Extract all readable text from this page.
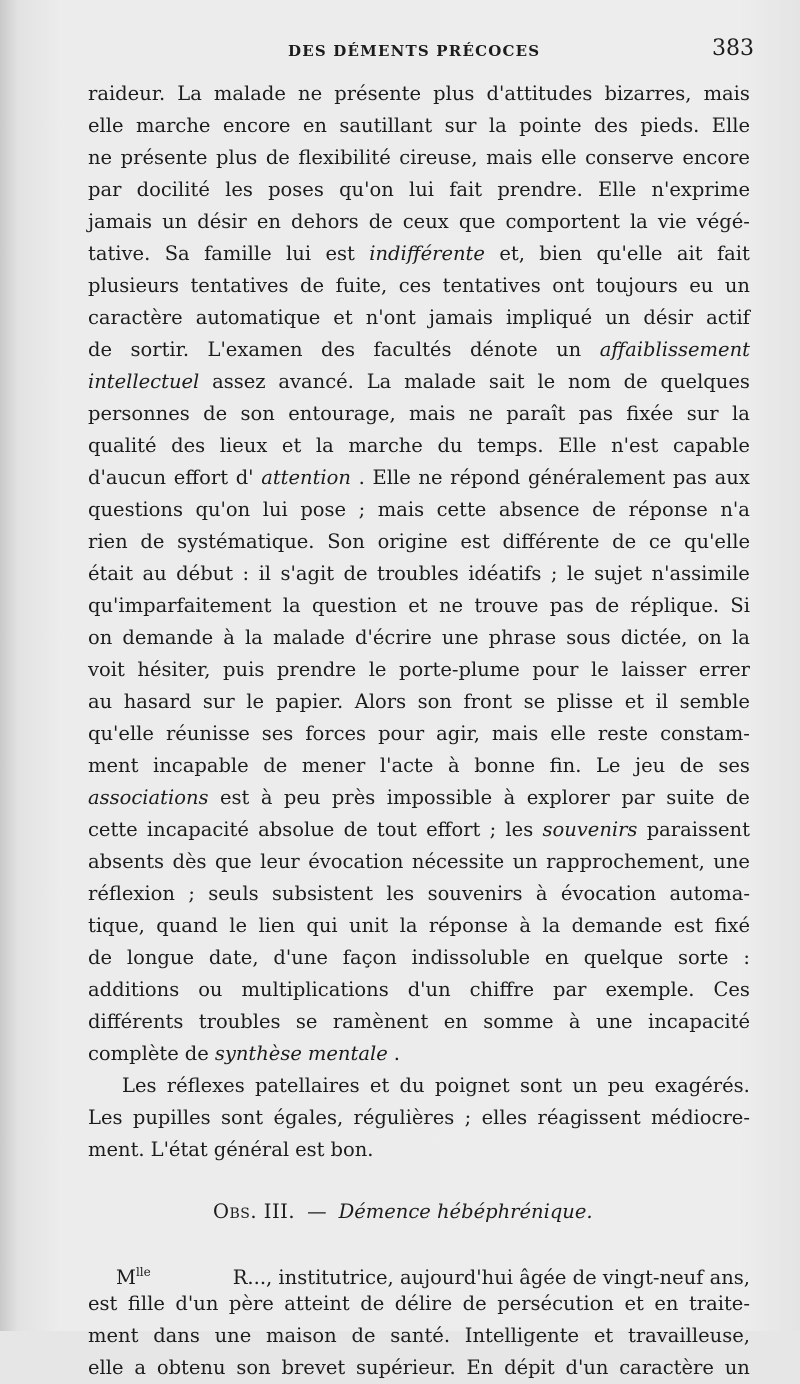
DES DÉMENTS PRÉCOCES	383
raideur. La malade ne présente plus d'attitudes bizarres, mais
elle marche encore en sautillant sur la pointe des pieds. Elle
ne présente plus de flexibilité cireuse, mais elle conserve encore
par docilité les poses qu'on lui fait prendre. Elle n'exprime
jamais un désir en dehors de ceux que comportent la vie végé-
tative. Sa famille lui est indifférente et, bien qu'elle ait fait
plusieurs tentatives de fuite, ces tentatives ont toujours eu un
caractère automatique et n'ont jamais impliqué un désir actif
de sortir. L'examen des facultés dénote un affaiblissement
intellectuel assez avancé. La malade sait le nom de quelques
personnes de son entourage, mais ne paraît pas fixée sur la
qualité des lieux et la marche du temps. Elle n'est capable
d'aucun effort d' attention . Elle ne répond généralement pas aux
questions qu'on lui pose ; mais cette absence de réponse n'a
rien de systématique. Son origine est différente de ce qu'elle
était au début : il s'agit de troubles idéatifs ; le sujet n'assimile
qu'imparfaitement la question et ne trouve pas de réplique. Si
on demande à la malade d'écrire une phrase sous dictée, on la
voit hésiter, puis prendre le porte-plume pour le laisser errer
au hasard sur le papier. Alors son front se plisse et il semble
qu'elle réunisse ses forces pour agir, mais elle reste constam-
ment incapable de mener l'acte à bonne fin. Le jeu de ses
associations est à peu près impossible à explorer par suite de
cette incapacité absolue de tout effort ; les souvenirs paraissent
absents dès que leur évocation nécessite un rapprochement, une
réflexion ; seuls subsistent les souvenirs à évocation automa-
tique, quand le lien qui unit la réponse à la demande est fixé
de longue date, d'une façon indissoluble en quelque sorte :
additions ou multiplications d'un chiffre par exemple. Ces
différents troubles se ramènent en somme à une incapacité
complète de synthèse mentale .
Les réflexes patellaires et du poignet sont un peu exagérés.
Les pupilles sont égales, régulières ; elles réagissent médiocre-
ment. L'état général est bon.
Obs. III. — Démence hébéphrénique.
$M^{lle}$	R..., institutrice, aujourd'hui âgée de vingt-neuf ans,
est fille d'un père atteint de délire de persécution et en traite-
ment dans une maison de santé. Intelligente et travailleuse,
elle a obtenu son brevet supérieur. En dépit d'un caractère un
